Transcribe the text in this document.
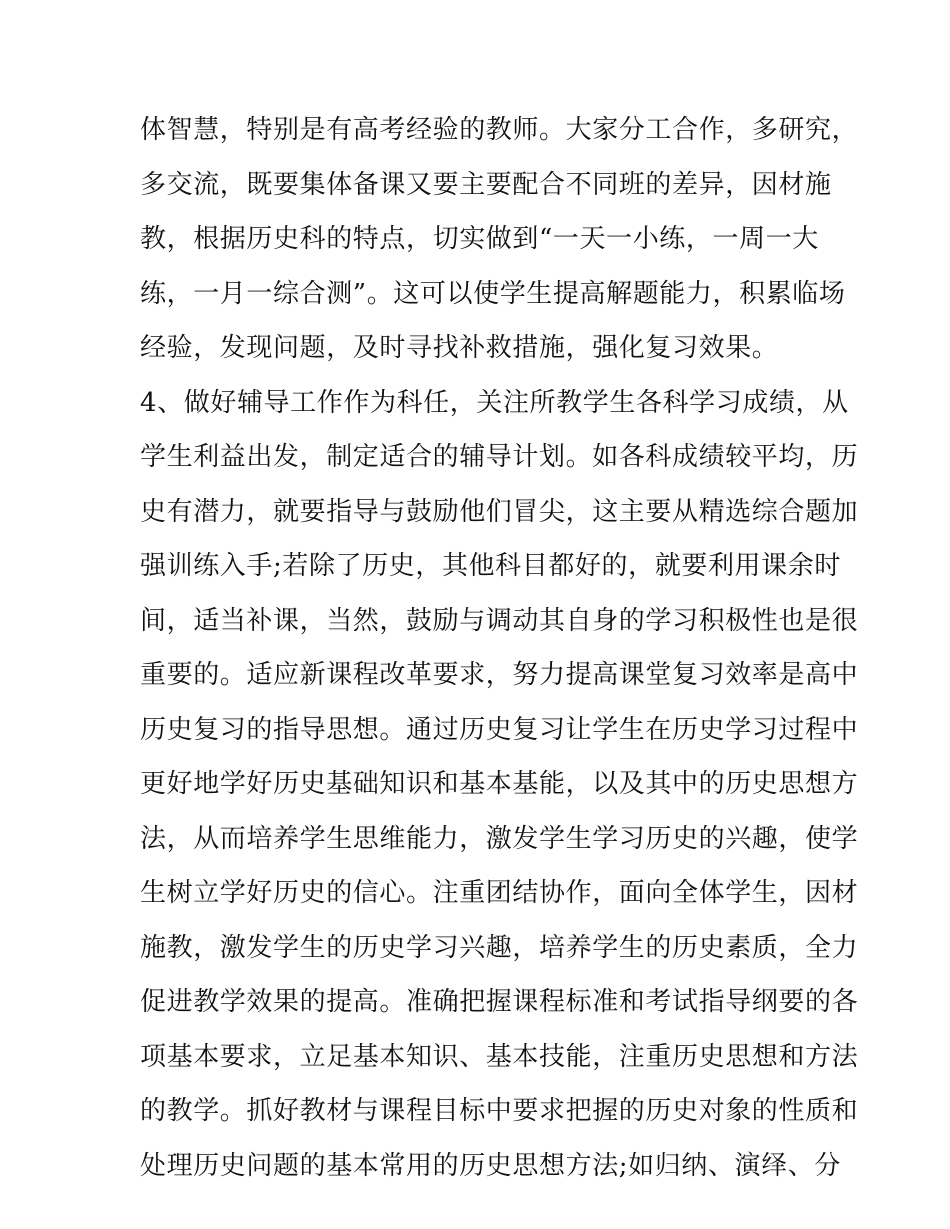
体智慧，特别是有高考经验的教师。大家分工合作，多研究，
多交流，既要集体备课又要主要配合不同班的差异，因材施
教，根据历史科的特点，切实做到“一天一小练，一周一大
练，一月一综合测”。这可以使学生提高解题能力，积累临场
经验，发现问题，及时寻找补救措施，强化复习效果。
4、做好辅导工作作为科任，关注所教学生各科学习成绩，从
学生利益出发，制定适合的辅导计划。如各科成绩较平均，历
史有潜力，就要指导与鼓励他们冒尖，这主要从精选综合题加
强训练入手;若除了历史，其他科目都好的，就要利用课余时
间，适当补课，当然，鼓励与调动其自身的学习积极性也是很
重要的。适应新课程改革要求，努力提高课堂复习效率是高中
历史复习的指导思想。通过历史复习让学生在历史学习过程中
更好地学好历史基础知识和基本基能，以及其中的历史思想方
法，从而培养学生思维能力，激发学生学习历史的兴趣，使学
生树立学好历史的信心。注重团结协作，面向全体学生，因材
施教，激发学生的历史学习兴趣，培养学生的历史素质，全力
促进教学效果的提高。准确把握课程标准和考试指导纲要的各
项基本要求，立足基本知识、基本技能，注重历史思想和方法
的教学。抓好教材与课程目标中要求把握的历史对象的性质和
处理历史问题的基本常用的历史思想方法;如归纳、演绎、分
